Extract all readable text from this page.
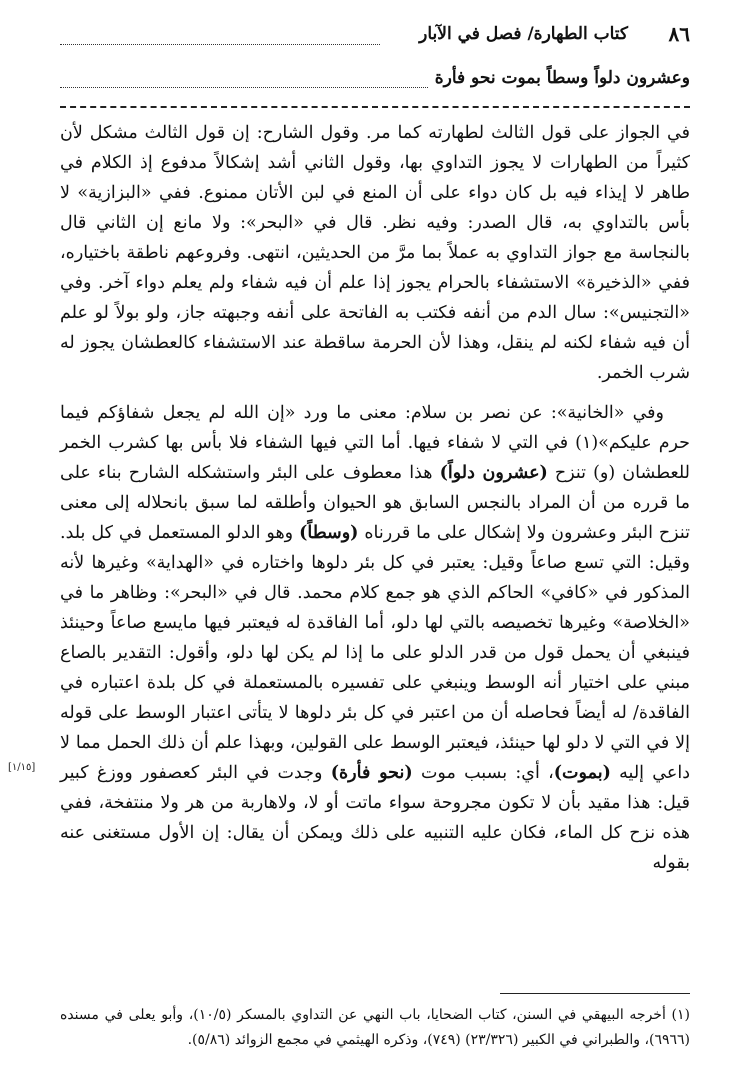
٨٦
كتاب الطهارة/ فصل في الآبار
وعشرون دلواً وسطاً بموت نحو فأرة

في الجواز على قول الثالث لطهارته كما مر. وقول الشارح: إن قول الثالث مشكل لأن كثيراً من الطهارات لا يجوز التداوي بها، وقول الثاني أشد إشكالاً مدفوع إذ الكلام في طاهر لا إيذاء فيه بل كان دواء على أن المنع في لبن الأتان ممنوع. ففي «البزازية» لا بأس بالتداوي به، قال الصدر: وفيه نظر. قال في «البحر»: ولا مانع إن الثاني قال بالنجاسة مع جواز التداوي به عملاً بما مرَّ من الحديثين، انتهى. وفروعهم ناطقة باختياره، ففي «الذخيرة» الاستشفاء بالحرام يجوز إذا علم أن فيه شفاء ولم يعلم دواء آخر. وفي «التجنيس»: سال الدم من أنفه فكتب به الفاتحة على أنفه وجبهته جاز، ولو بولاً لو علم أن فيه شفاء لكنه لم ينقل، وهذا لأن الحرمة ساقطة عند الاستشفاء كالعطشان يجوز له شرب الخمر.

وفي «الخانية»: عن نصر بن سلام: معنى ما ورد «إن الله لم يجعل شفاؤكم فيما حرم عليكم»(١) في التي لا شفاء فيها. أما التي فيها الشفاء فلا بأس بها كشرب الخمر للعطشان (و) تنزح (عشرون دلواً) هذا معطوف على البئر واستشكله الشارح بناء على ما قرره من أن المراد بالنجس السابق هو الحيوان وأطلقه لما سبق بانحلاله إلى معنى تنزح البئر وعشرون ولا إشكال على ما قررناه (وسطاً) وهو الدلو المستعمل في كل بلد. وقيل: التي تسع صاعاً وقيل: يعتبر في كل بئر دلوها واختاره في «الهداية» وغيرها لأنه المذكور في «كافي» الحاكم الذي هو جمع كلام محمد. قال في «البحر»: وظاهر ما في «الخلاصة» وغيرها تخصيصه بالتي لها دلو، أما الفاقدة له فيعتبر فيها مايسع صاعاً وحينئذ فينبغي أن يحمل قول من قدر الدلو على ما إذا لم يكن لها دلو، وأقول: التقدير بالصاع مبني على اختيار أنه الوسط وينبغي على تفسيره بالمستعملة في كل بلدة اعتباره في الفاقدة/ له أيضاً فحاصله أن من اعتبر في كل بئر دلوها لا يتأتى اعتبار الوسط على قوله إلا في التي لا دلو لها حينئذ، فيعتبر الوسط على القولين، وبهذا علم أن ذلك الحمل مما لا داعي إليه (بموت)، أي: بسبب موت (نحو فأرة) وجدت في البئر كعصفور ووزغ كبير قيل: هذا مقيد بأن لا تكون مجروحة سواء ماتت أو لا، ولاهاربة من هر ولا منتفخة، ففي هذه نزح كل الماء، فكان عليه التنبيه على ذلك ويمكن أن يقال: إن الأول مستغنى عنه بقوله

[١/١٥]
(١) أخرجه البيهقي في السنن، كتاب الضحايا، باب النهي عن التداوي بالمسكر (١٠/٥)، وأبو يعلى في مسنده (٦٩٦٦)، والطبراني في الكبير (٢٣/٣٢٦) (٧٤٩)، وذكره الهيثمي في مجمع الزوائد (٥/٨٦).
